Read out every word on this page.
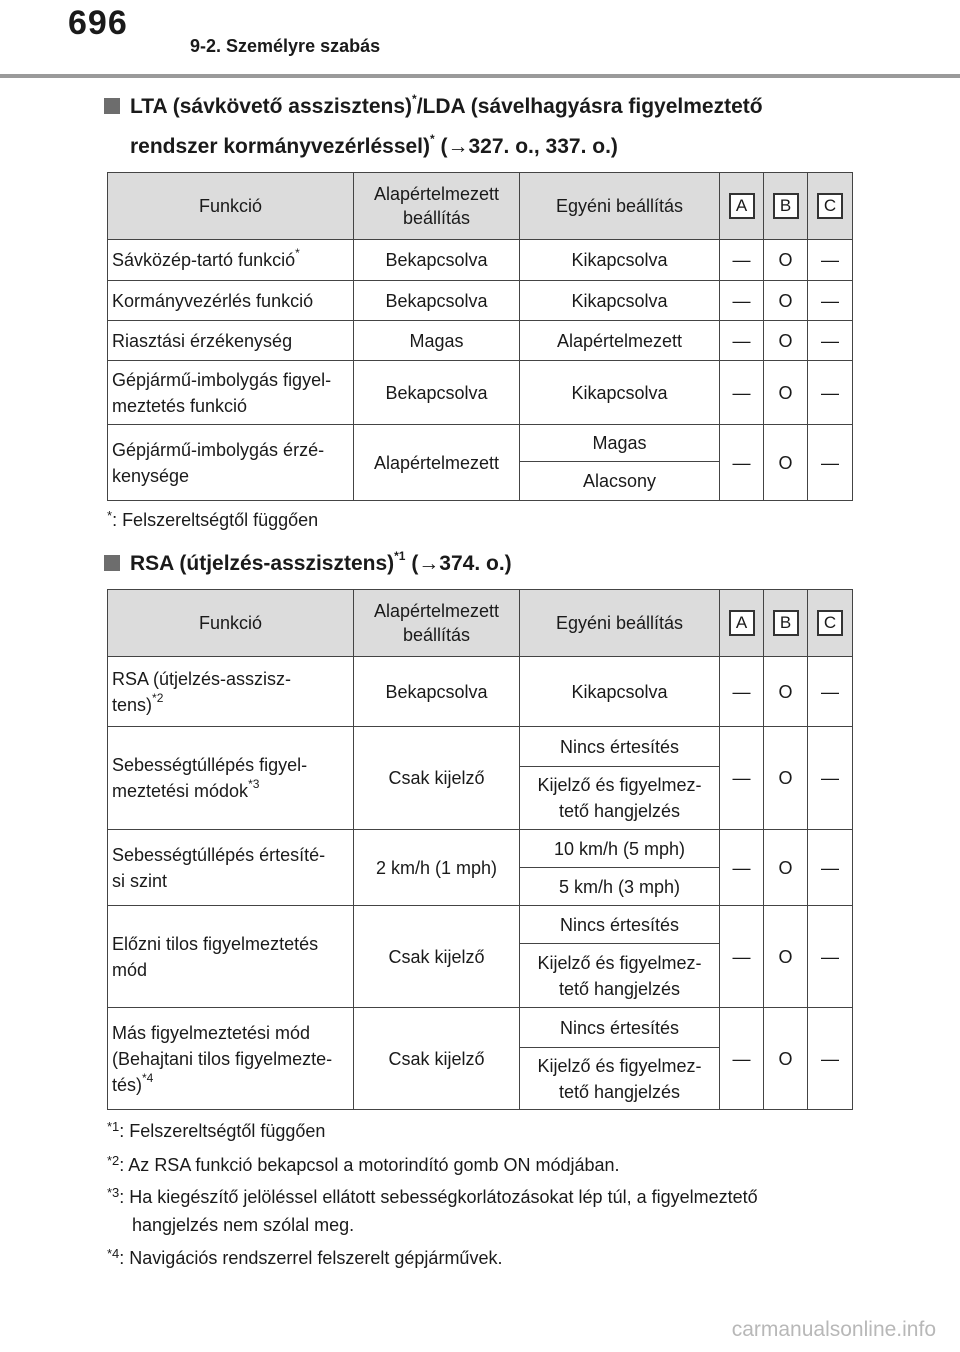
696
9-2. Személyre szabás
LTA (sávkövető asszisztens)*/LDA (sávelhagyásra figyelmeztető
rendszer kormányvezérléssel)* (→327. o., 337. o.)
Funkció	Alapértelmezett beállítás	Egyéni beállítás	A	B	C
Sávközép-tartó funkció*	Bekapcsolva	Kikapcsolva	—	O	—
Kormányvezérlés funkció	Bekapcsolva	Kikapcsolva	—	O	—
Riasztási érzékenység	Magas	Alapértelmezett	—	O	—

Gépjármű-imbolygás figyel-
meztetés funkció	Bekapcsolva	Kikapcsolva	—	O	—

Gépjármű-imbolygás érzé-
kenysége	Alapértelmezett	Magas	—	O	—
		Alacsony			
*: Felszereltségtől függően
RSA (útjelzés-asszisztens)$^{*1}$ (→374. o.)
Funkció	Alapértelmezett beállítás	Egyéni beállítás	A	B	C

RSA (útjelzés-asszisz-
tens)$^{*2}$	Bekapcsolva	Kikapcsolva	—	O	—

Sebességtúllépés figyel-
meztetési módok$^{*3}$	Csak kijelző	Nincs értesítés	—	O	—

		Kijelző és figyelmez-
tető hangjelzés			

Sebességtúllépés értesíté-
si szint	2 km/h (1 mph)	10 km/h (5 mph)	—	O	—
		5 km/h (3 mph)			

Előzni tilos figyelmeztetés
mód	Csak kijelző	Nincs értesítés	—	O	—

		Kijelző és figyelmez-
tető hangjelzés			

Más figyelmeztetési mód
(Behajtani tilos figyelmezte-
tés)$^{*4}$	Csak kijelző	Nincs értesítés	—	O	—

		Kijelző és figyelmez-
tető hangjelzés			
$^{*1}$: Felszereltségtől függően
$^{*2}$: Az RSA funkció bekapcsol a motorindító gomb ON módjában.
$^{*3}$: Ha kiegészítő jelöléssel ellátott sebességkorlátozásokat lép túl, a figyelmeztető
hangjelzés nem szólal meg.
$^{*4}$: Navigációs rendszerrel felszerelt gépjárművek.
carmanualsonline.info
